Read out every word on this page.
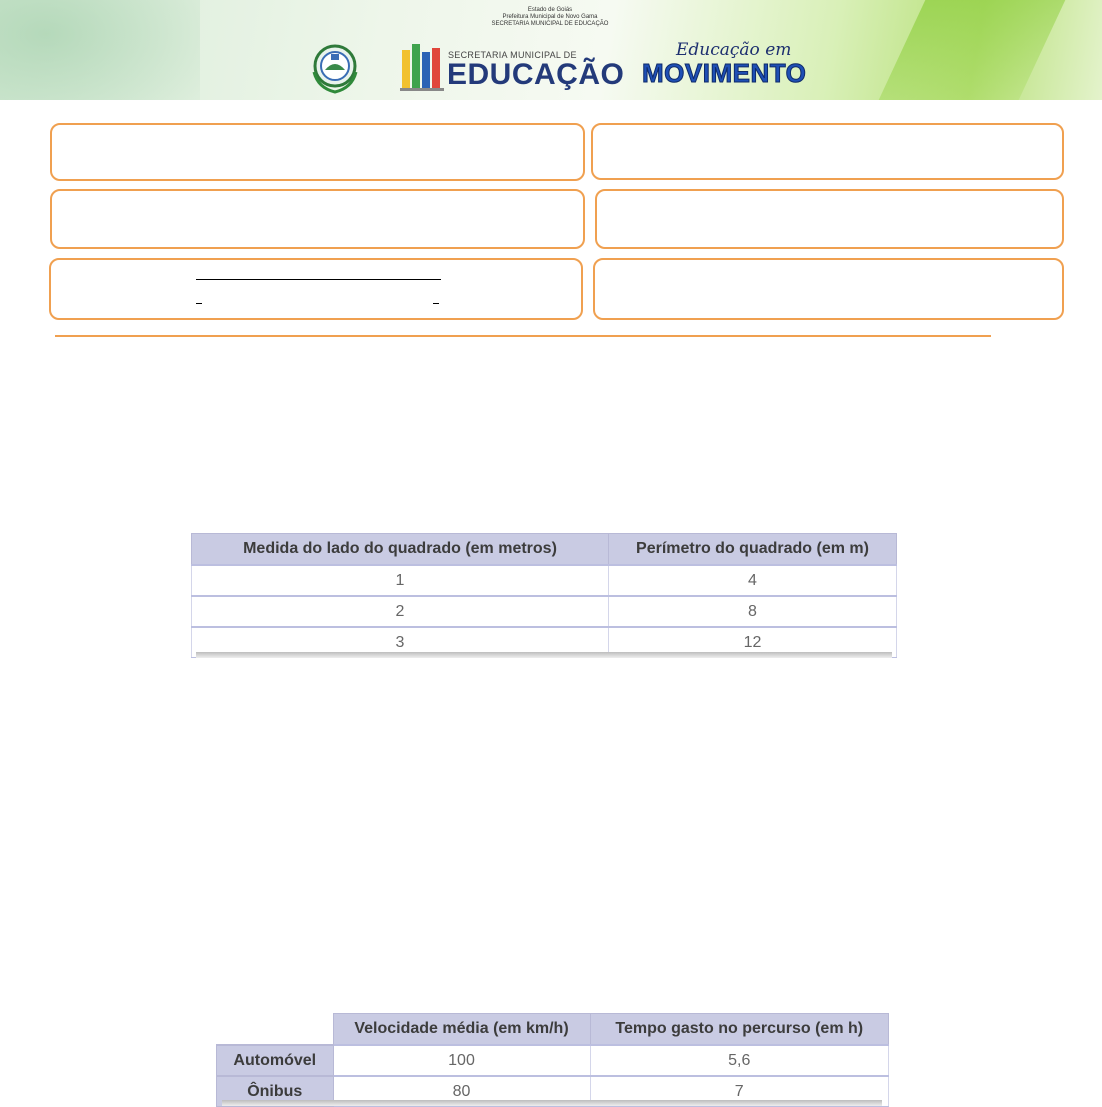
Estado de Goiás
Prefeitura Municipal de Novo Gama
SECRETARIA MUNICIPAL DE EDUCAÇÃO
SECRETARIA MUNICIPAL DE
EDUCAÇÃO
Educação em
MOVIMENTO
Medida do lado do quadrado (em metros)	Perímetro do quadrado (em m)
1	4
2	8
3	12
	Velocidade média (em km/h)	Tempo gasto no percurso (em h)
Automóvel	100	5,6
Ônibus	80	7
